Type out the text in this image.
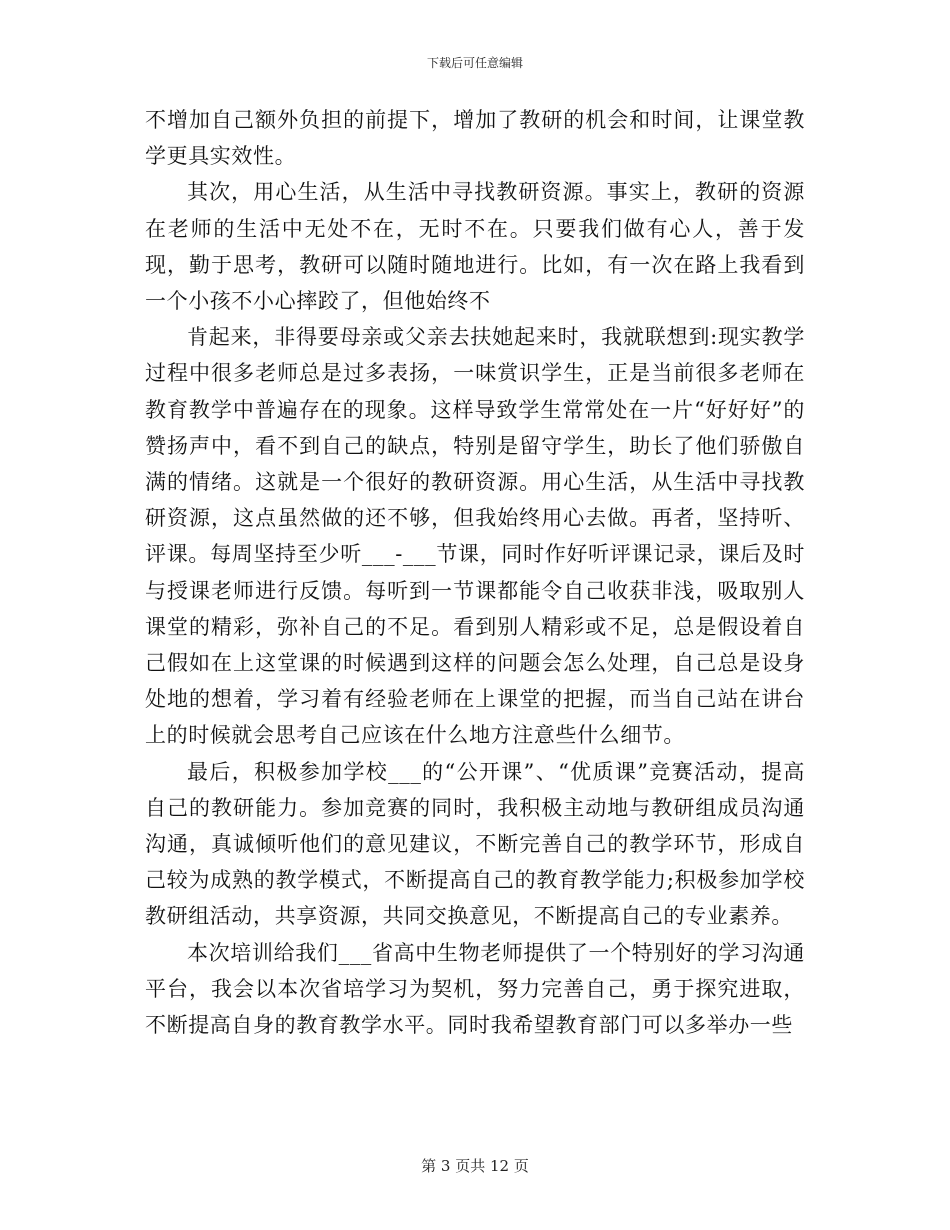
下载后可任意编辑

不增加自己额外负担的前提下，增加了教研的机会和时间，让课堂教学更具实效性。

其次，用心生活，从生活中寻找教研资源。事实上，教研的资源在老师的生活中无处不在，无时不在。只要我们做有心人，善于发现，勤于思考，教研可以随时随地进行。比如，有一次在路上我看到一个小孩不小心摔跤了，但他始终不

肯起来，非得要母亲或父亲去扶她起来时，我就联想到:现实教学过程中很多老师总是过多表扬，一味赏识学生，正是当前很多老师在教育教学中普遍存在的现象。这样导致学生常常处在一片“好好好”的赞扬声中，看不到自己的缺点，特别是留守学生，助长了他们骄傲自满的情绪。这就是一个很好的教研资源。用心生活，从生活中寻找教研资源，这点虽然做的还不够，但我始终用心去做。再者，坚持听、评课。每周坚持至少听___-___节课，同时作好听评课记录，课后及时与授课老师进行反馈。每听到一节课都能令自己收获非浅，吸取别人课堂的精彩，弥补自己的不足。看到别人精彩或不足，总是假设着自己假如在上这堂课的时候遇到这样的问题会怎么处理，自己总是设身处地的想着，学习着有经验老师在上课堂的把握，而当自己站在讲台上的时候就会思考自己应该在什么地方注意些什么细节。

最后，积极参加学校___的“公开课”、“优质课”竞赛活动，提高自己的教研能力。参加竞赛的同时，我积极主动地与教研组成员沟通沟通，真诚倾听他们的意见建议，不断完善自己的教学环节，形成自己较为成熟的教学模式，不断提高自己的教育教学能力;积极参加学校教研组活动，共享资源，共同交换意见，不断提高自己的专业素养。

本次培训给我们___省高中生物老师提供了一个特别好的学习沟通平台，我会以本次省培学习为契机，努力完善自己，勇于探究进取，不断提高自身的教育教学水平。同时我希望教育部门可以多举办一些

第 3 页共 12 页
